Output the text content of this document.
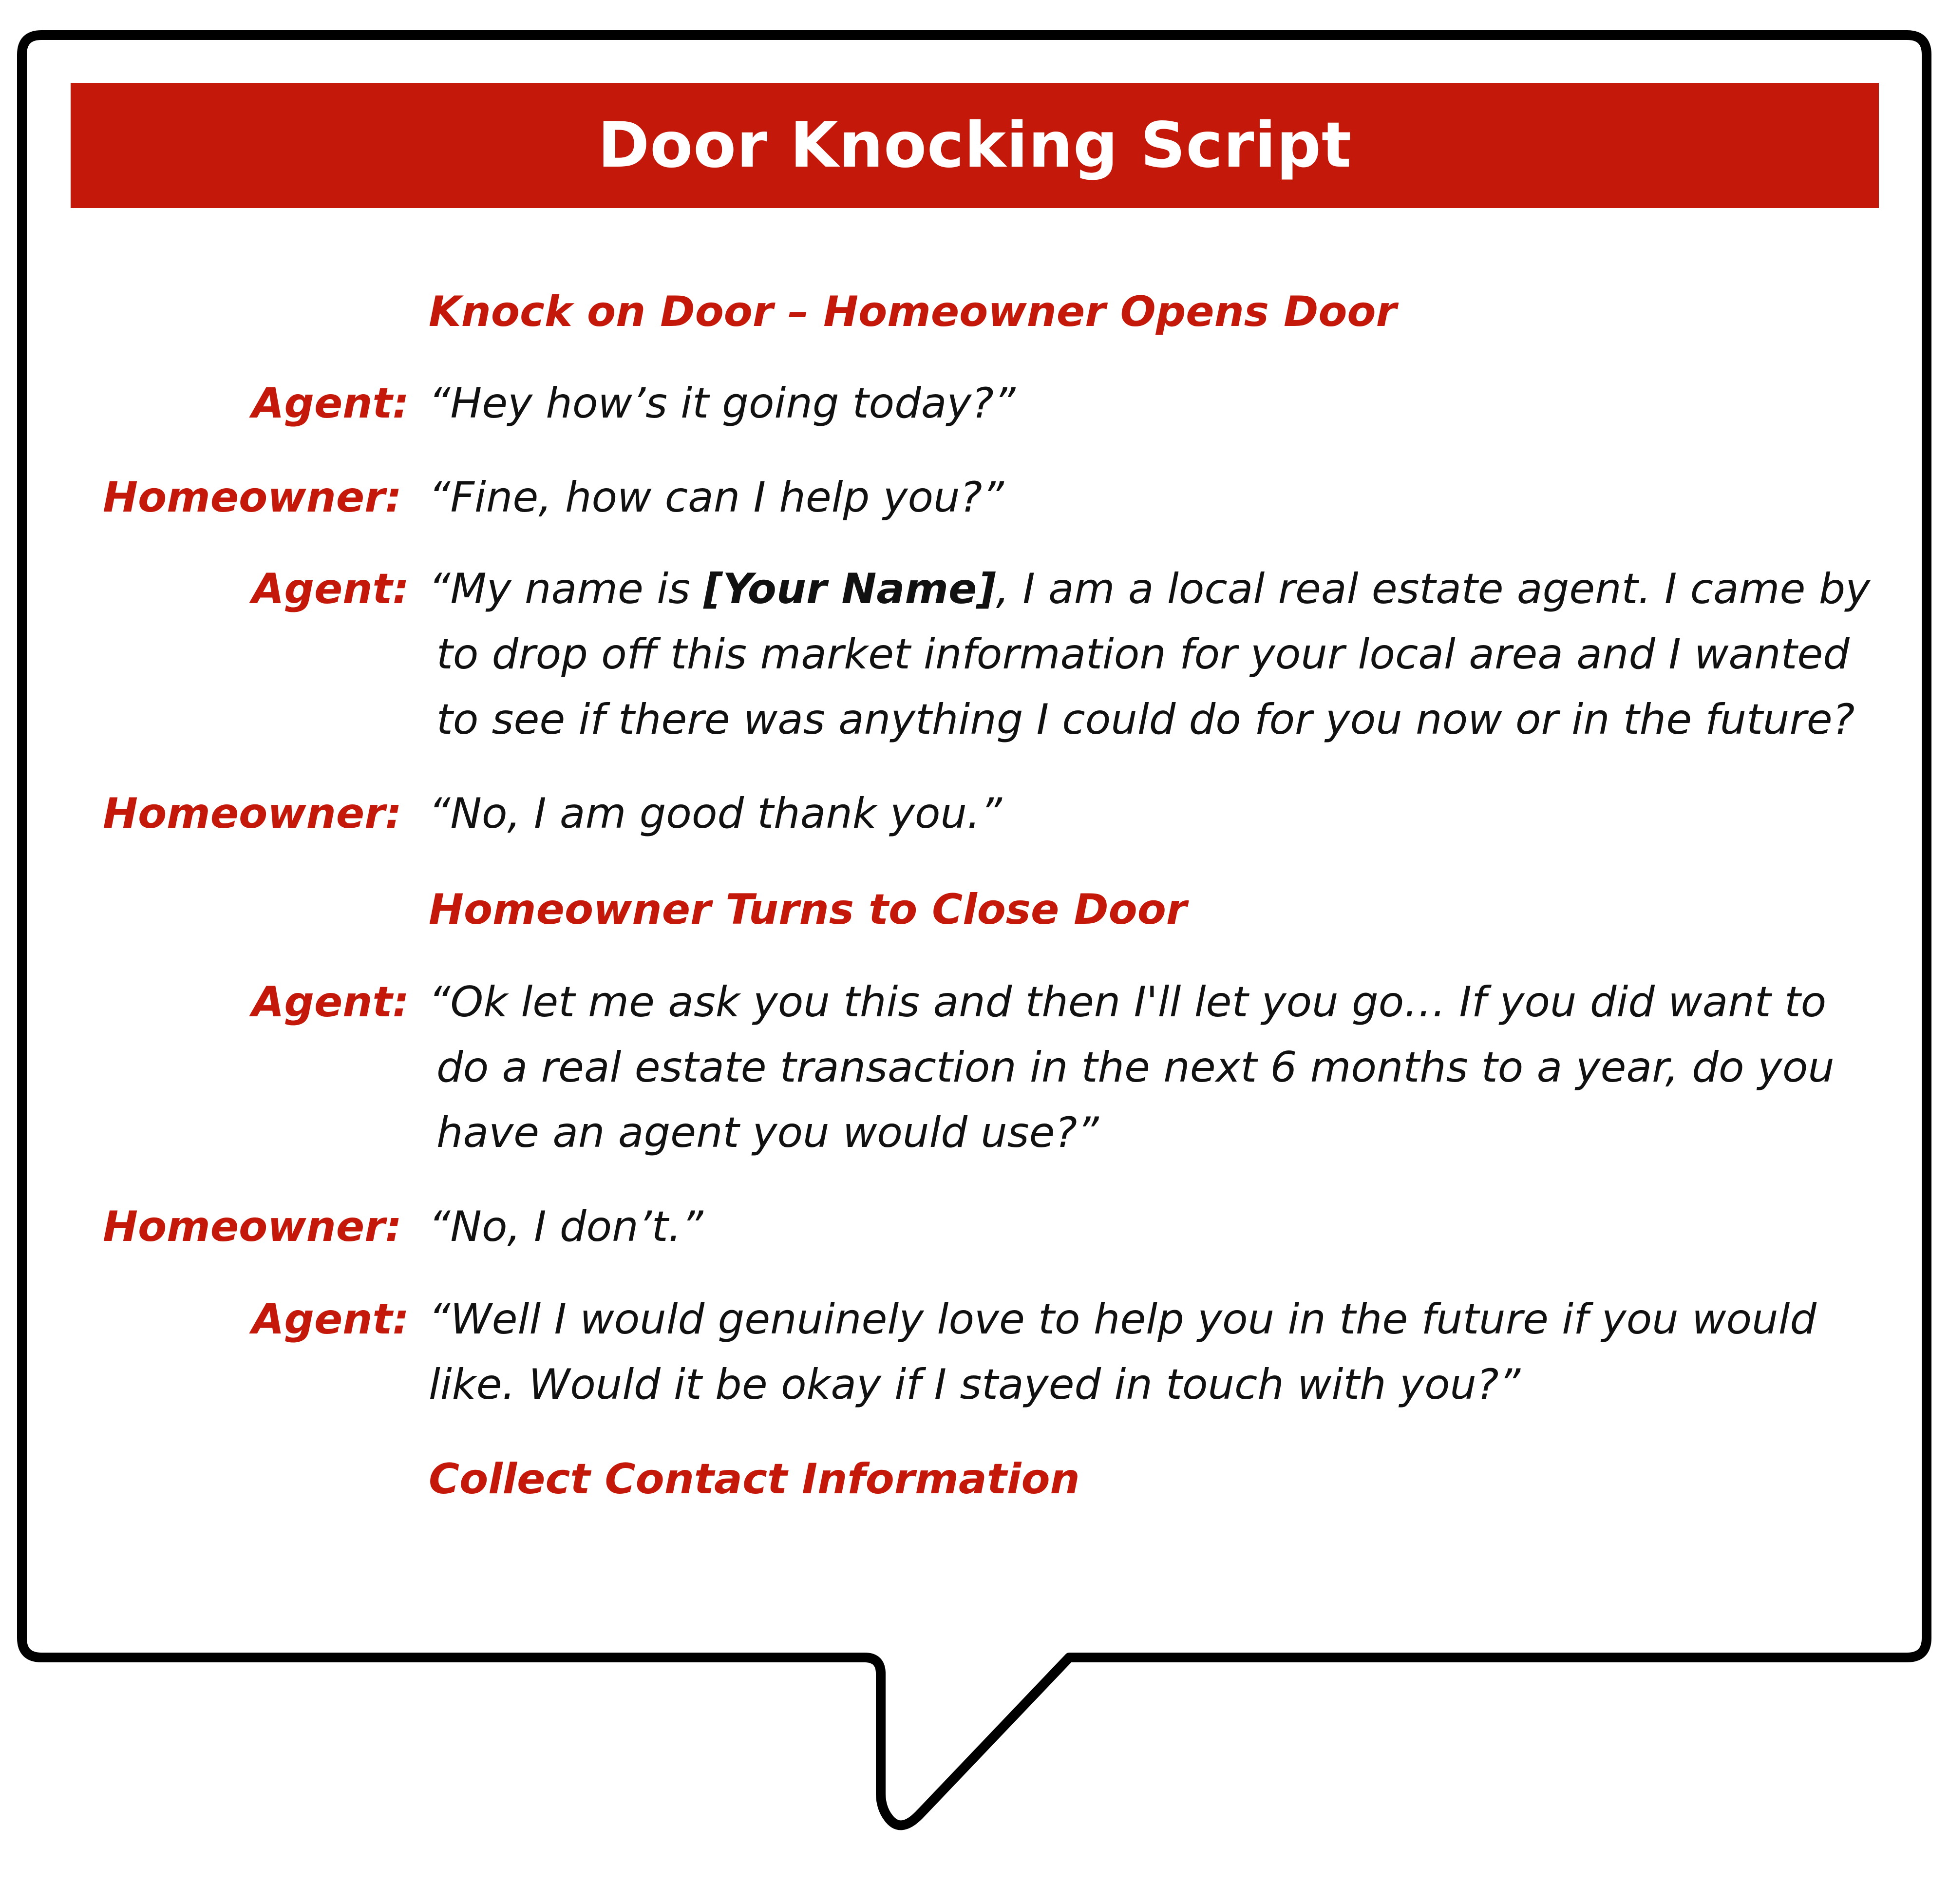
Door Knocking Script
Knock on Door – Homeowner Opens Door
Agent: “Hey how’s it going today?”
Homeowner: “Fine, how can I help you?”
Agent: “My name is [Your Name], I am a local real estate agent. I came by
to drop off this market information for your local area and I wanted
to see if there was anything I could do for you now or in the future?
Homeowner: “No, I am good thank you.”
Homeowner Turns to Close Door
Agent: “Ok let me ask you this and then I'll let you go… If you did want to
do a real estate transaction in the next 6 months to a year, do you
have an agent you would use?”
Homeowner: “No, I don’t.”
Agent: “Well I would genuinely love to help you in the future if you would
like. Would it be okay if I stayed in touch with you?”
Collect Contact Information
